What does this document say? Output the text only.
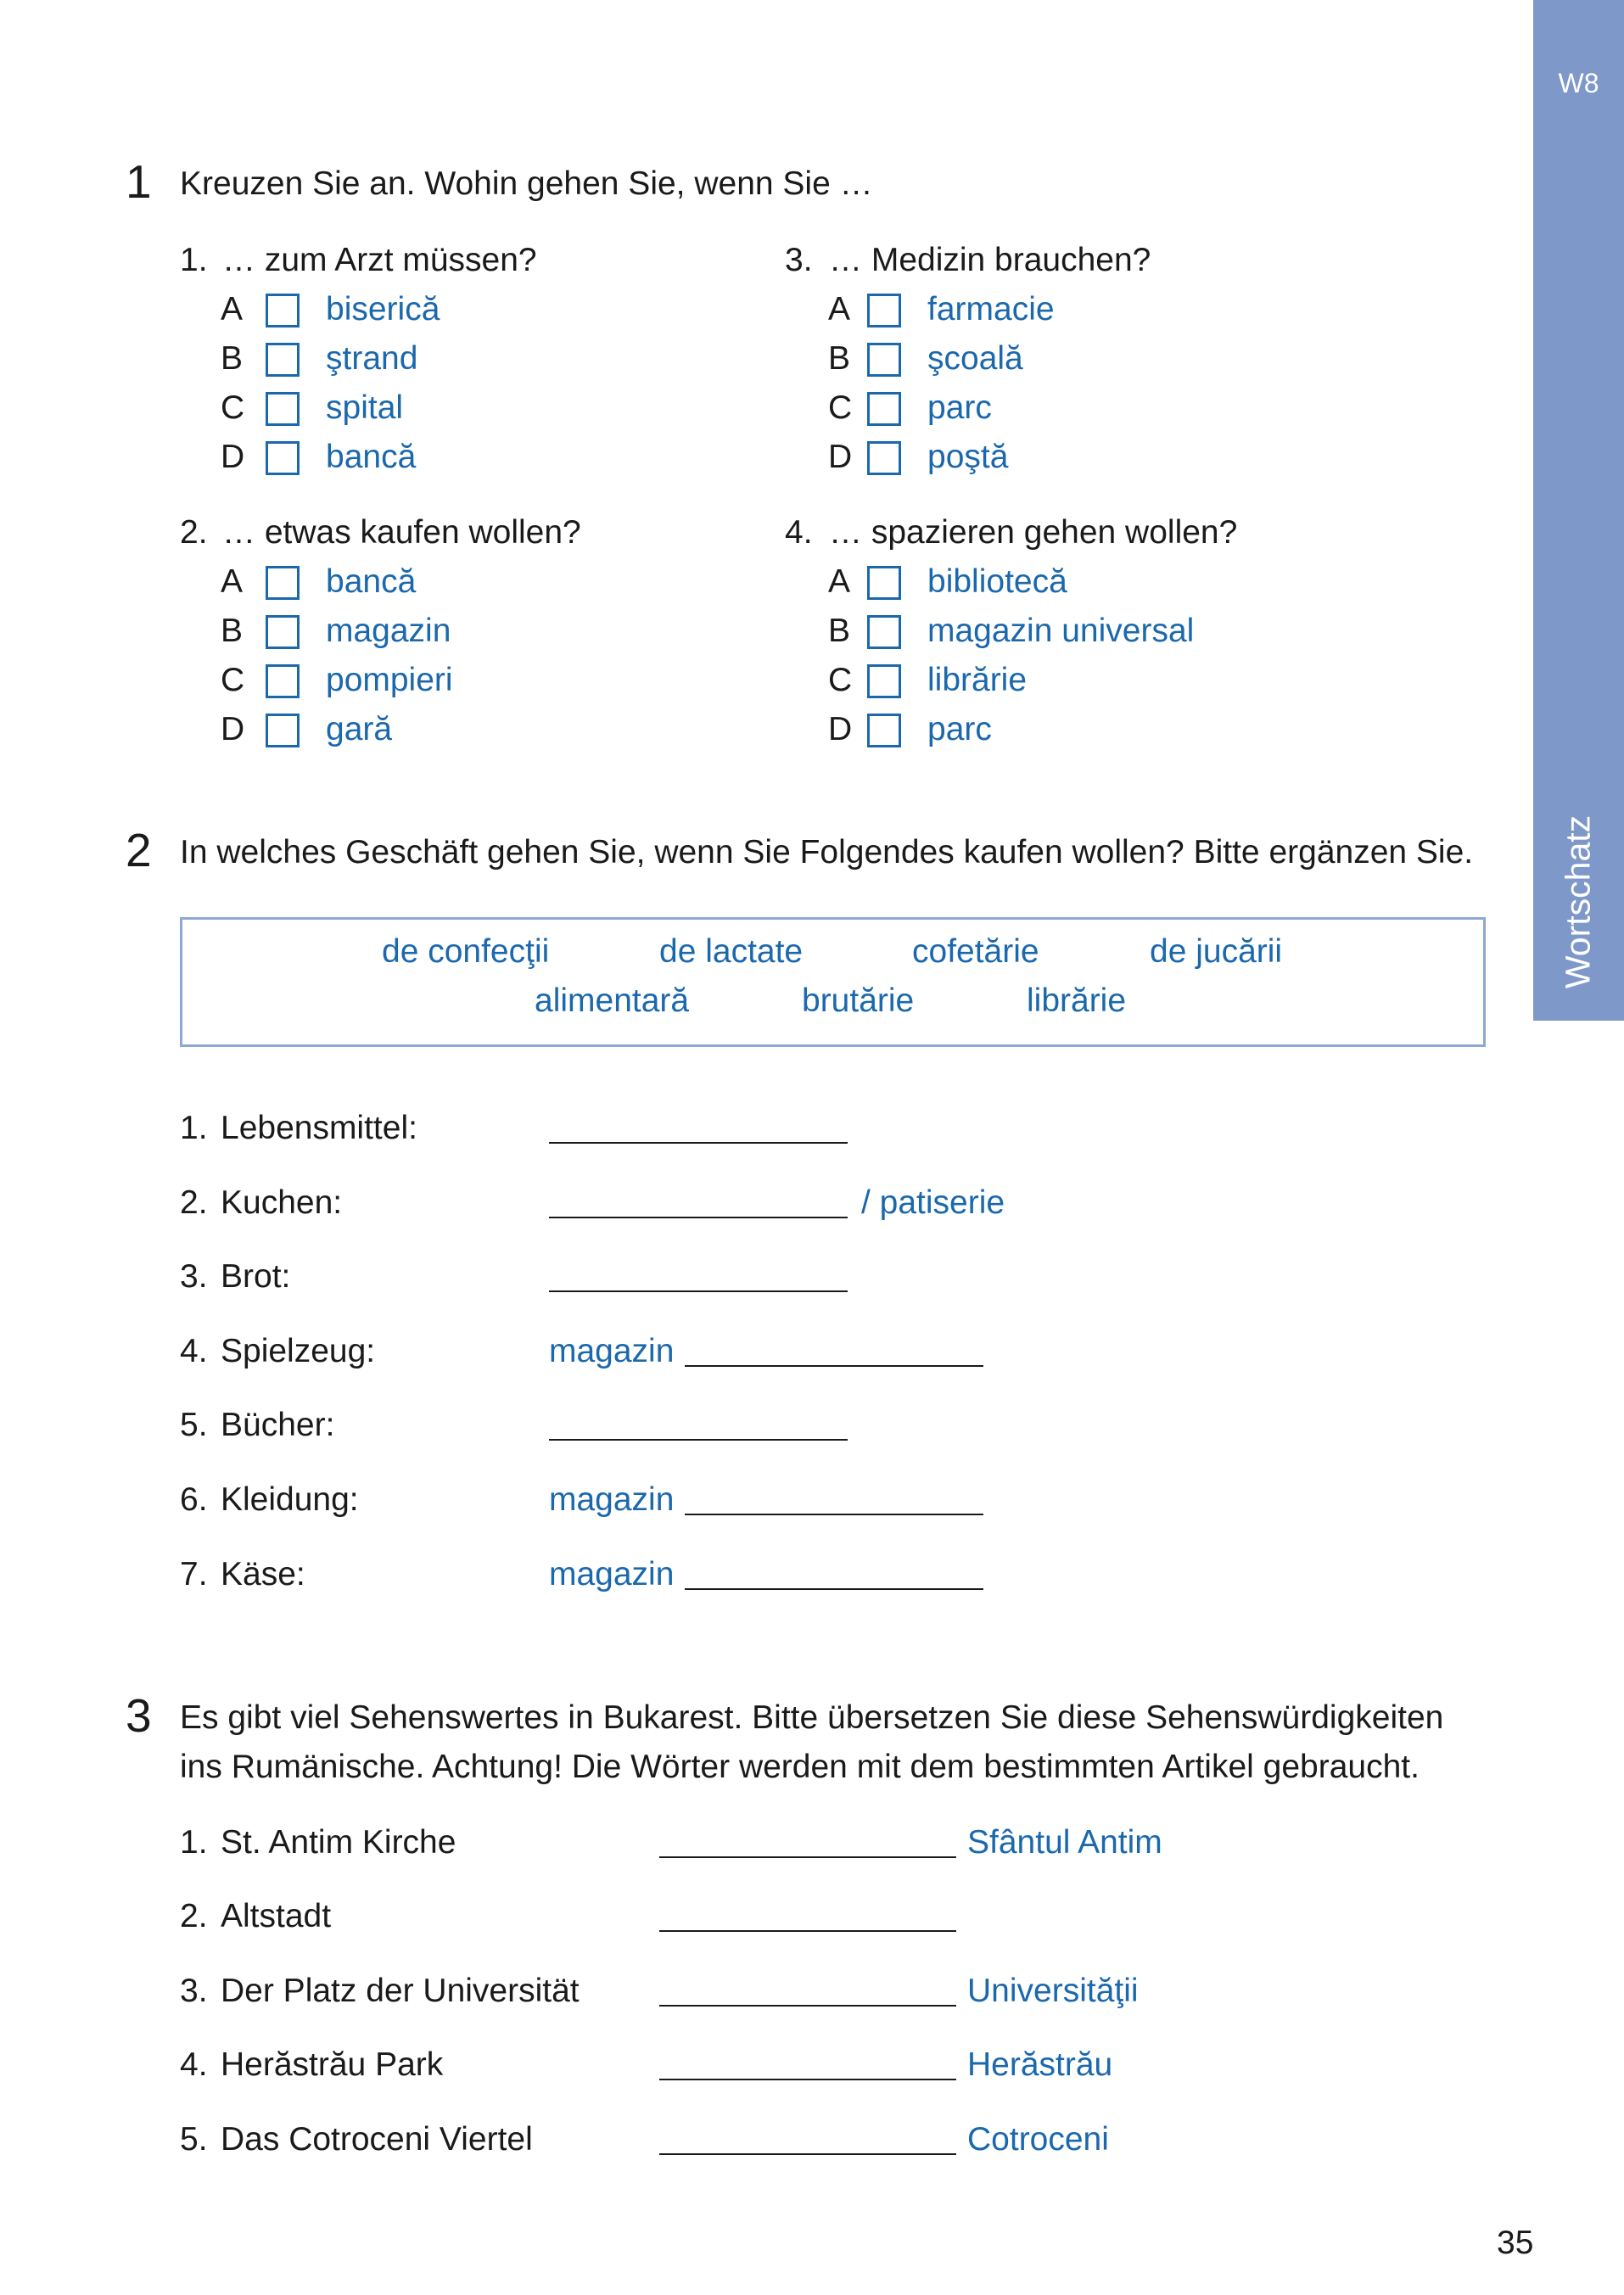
W8
Wortschatz
1 Kreuzen Sie an. Wohin gehen Sie, wenn Sie …
1. … zum Arzt müssen?
A	biserică
B	ştrand
C spital
D bancă
2. … etwas kaufen wollen?
A	bancă
B	magazin
C pompieri
D gară
3. … Medizin brauchen?
A farmacie
B şcoală
C parc
D poştă
4. … spazieren gehen wollen?
A bibliotecă
B magazin universal
C librărie
D parc
2 In welches Geschäft gehen Sie, wenn Sie Folgendes kaufen wollen? Bitte ergänzen Sie.
de confecţii	de lactate	cofetărie	de jucării
alimentară	brutărie	librărie
1. Lebensmittel:
2. Kuchen:	/ patiserie
3. Brot:
4. Spielzeug:	magazin
5. Bücher:
6. Kleidung:	magazin
7. Käse:	magazin
3 Es gibt viel Sehenswertes in Bukarest. Bitte übersetzen Sie diese Sehenswürdigkeiten
ins Rumänische. Achtung! Die Wörter werden mit dem bestimmten Artikel gebraucht.
1. St. Antim Kirche	Sfântul Antim
2. Altstadt
3. Der Platz der Universität	Universităţii
4. Herăstrău Park	Herăstrău
5. Das Cotroceni Viertel	Cotroceni
35
